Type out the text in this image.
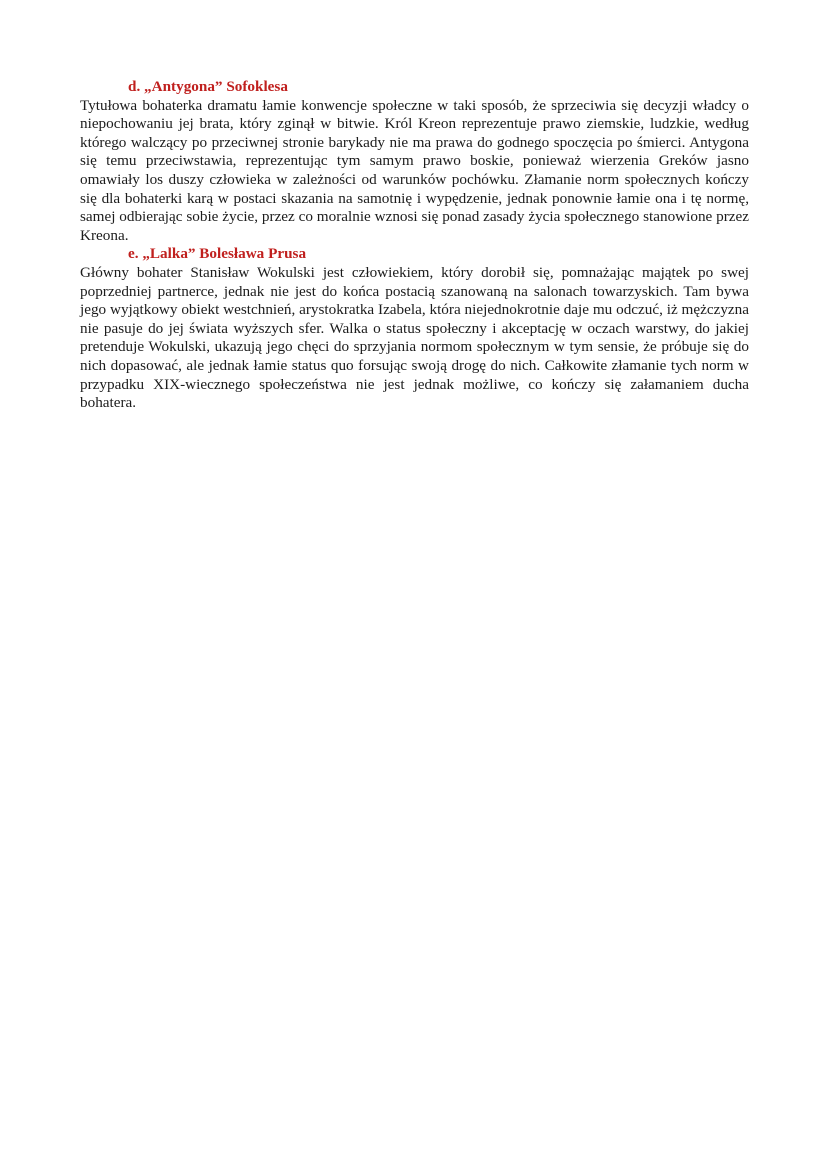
d. „Antygona” Sofoklesa

Tytułowa bohaterka dramatu łamie konwencje społeczne w taki sposób, że sprzeciwia się decyzji władcy o niepochowaniu jej brata, który zginął w bitwie. Król Kreon reprezentuje prawo ziemskie, ludzkie, według którego walczący po przeciwnej stronie barykady nie ma prawa do godnego spoczęcia po śmierci. Antygona się temu przeciwstawia, reprezentując tym samym prawo boskie, ponieważ wierzenia Greków jasno omawiały los duszy człowieka w zależności od warunków pochówku. Złamanie norm społecznych kończy się dla bohaterki karą w postaci skazania na samotnię i wypędzenie, jednak ponownie łamie ona i tę normę, samej odbierając sobie życie, przez co moralnie wznosi się ponad zasady życia społecznego stanowione przez Kreona.

e. „Lalka” Bolesława Prusa

Główny bohater Stanisław Wokulski jest człowiekiem, który dorobił się, pomnażając majątek po swej poprzedniej partnerce, jednak nie jest do końca postacią szanowaną na salonach towarzyskich. Tam bywa jego wyjątkowy obiekt westchnień, arystokratka Izabela, która niejednokrotnie daje mu odczuć, iż mężczyzna nie pasuje do jej świata wyższych sfer. Walka o status społeczny i akceptację w oczach warstwy, do jakiej pretenduje Wokulski, ukazują jego chęci do sprzyjania normom społecznym w tym sensie, że próbuje się do nich dopasować, ale jednak łamie status quo forsując swoją drogę do nich. Całkowite złamanie tych norm w przypadku XIX-wiecznego społeczeństwa nie jest jednak możliwe, co kończy się załamaniem ducha bohatera.
